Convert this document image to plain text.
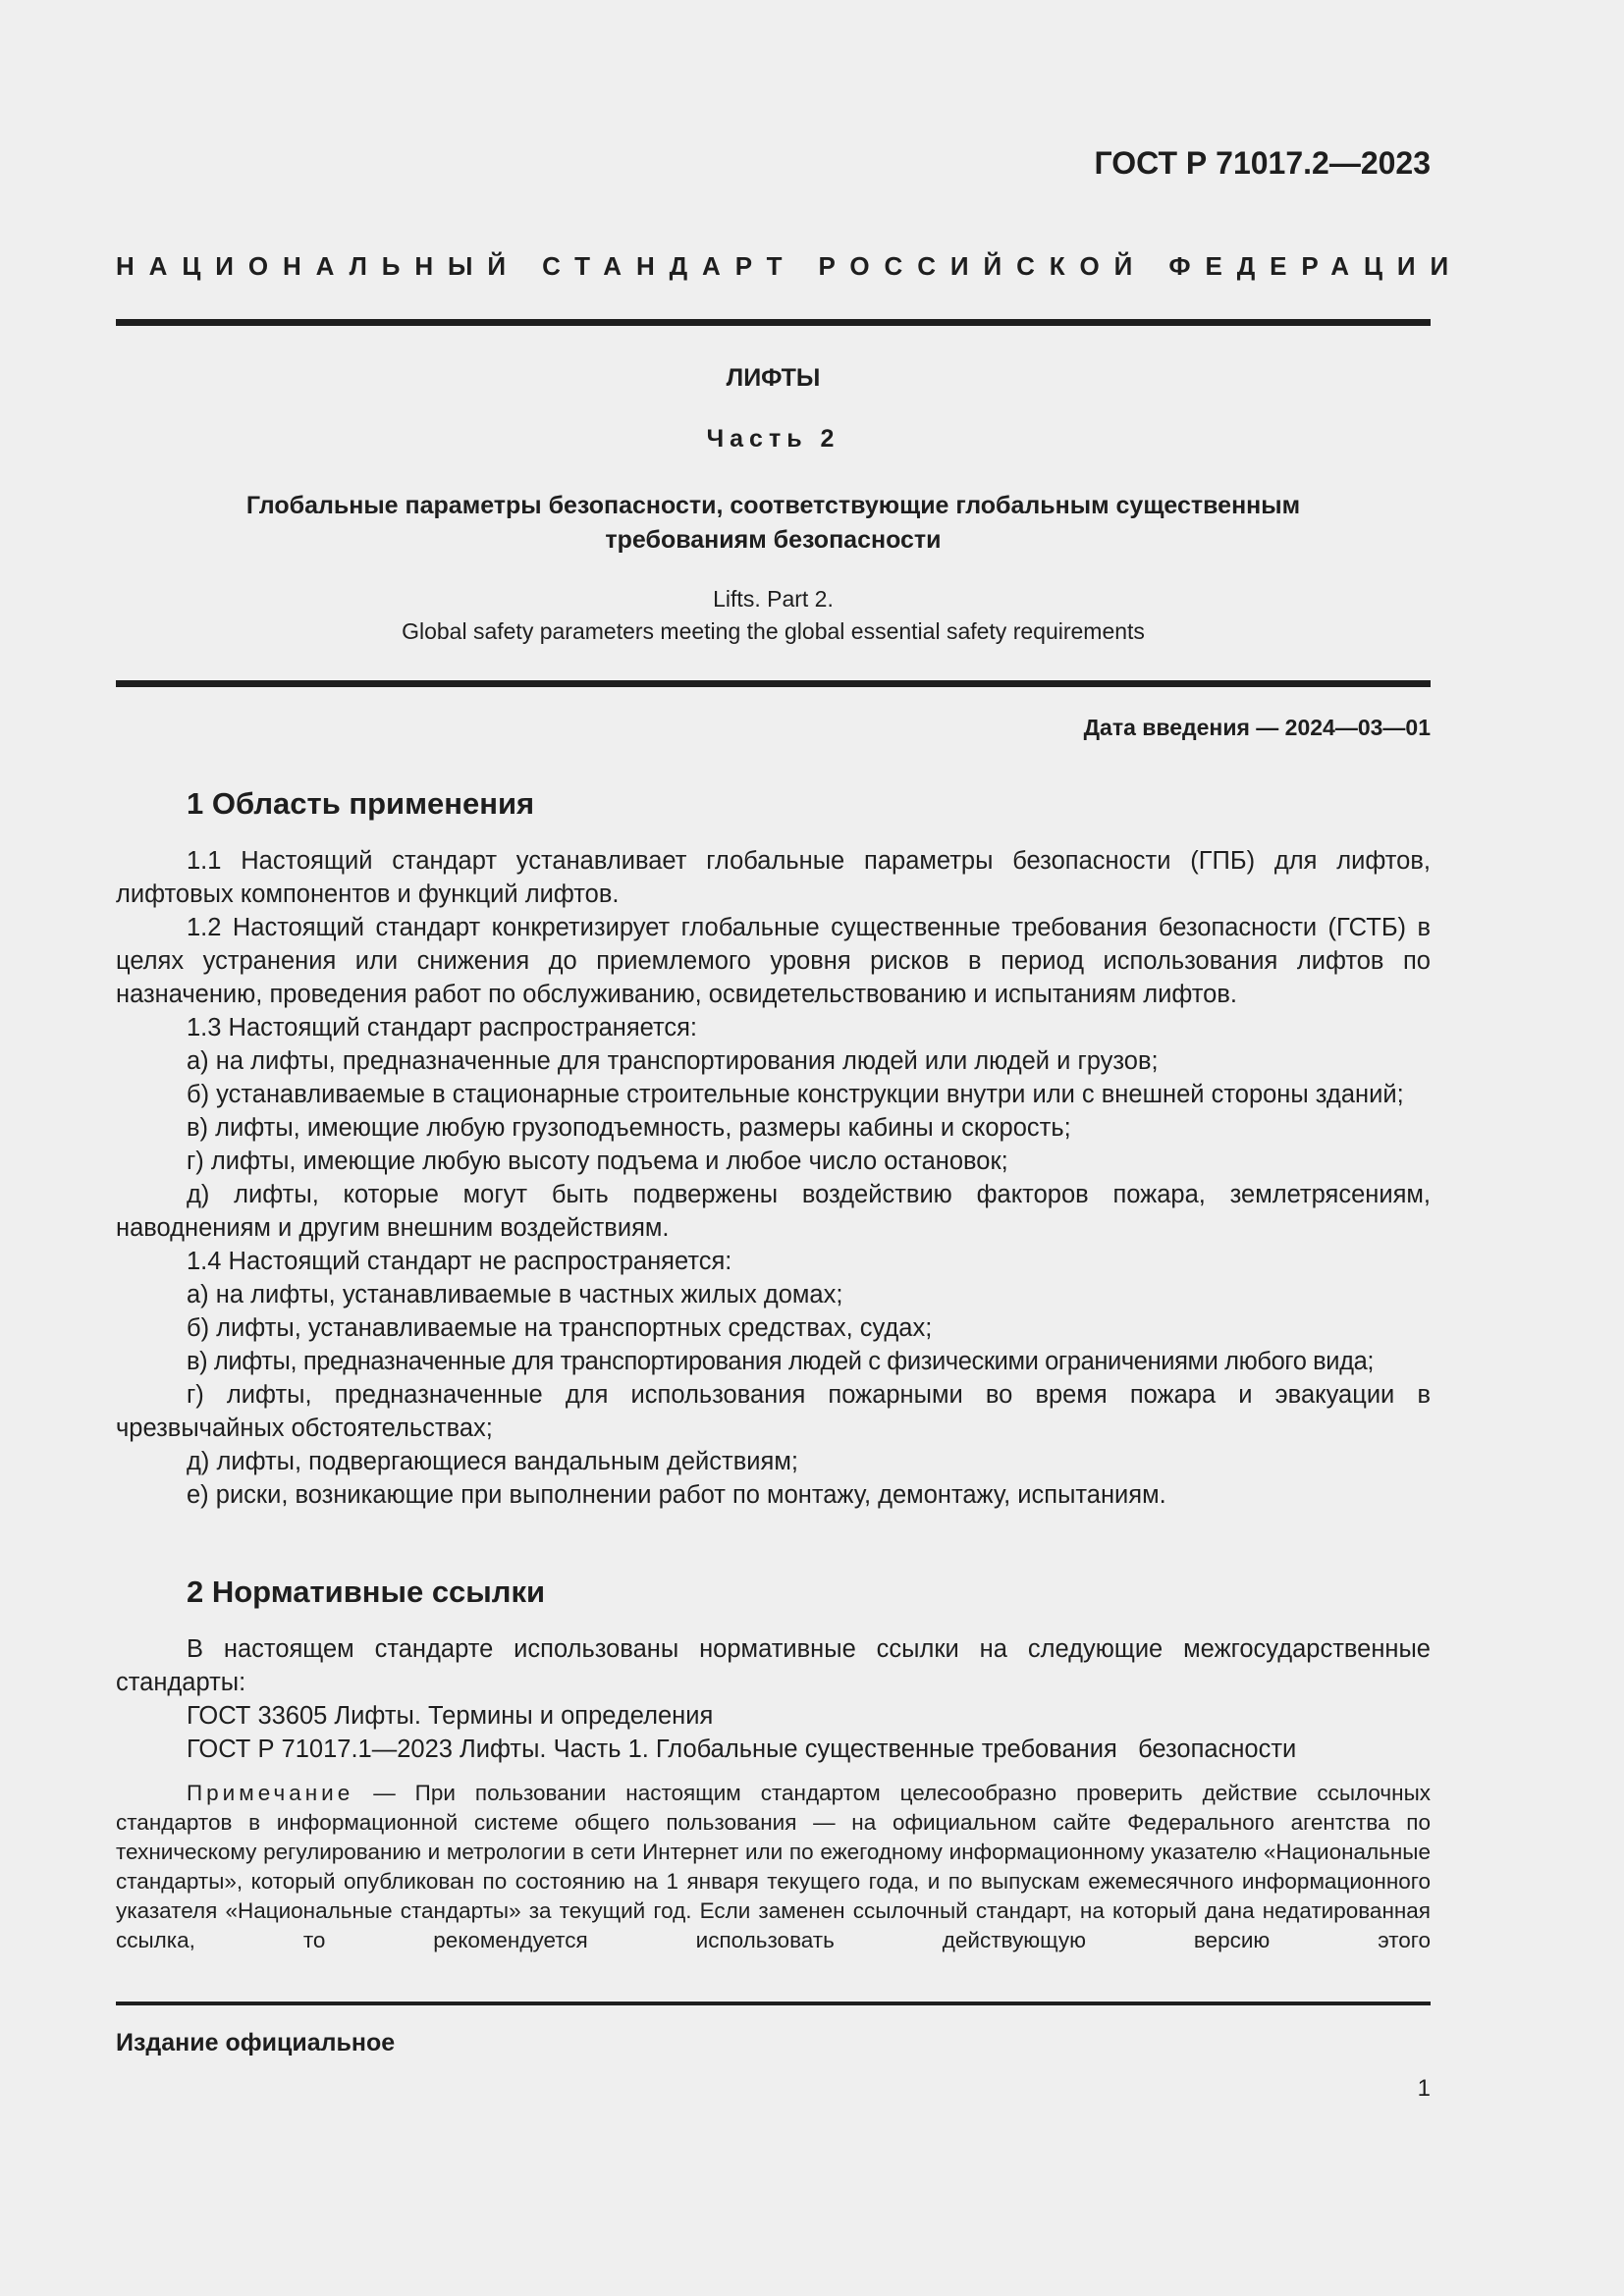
ГОСТ Р 71017.2—2023
НАЦИОНАЛЬНЫЙ СТАНДАРТ РОССИЙСКОЙ ФЕДЕРАЦИИ
ЛИФТЫ
Часть 2
Глобальные параметры безопасности, соответствующие глобальным существенным
требованиям безопасности
Lifts. Part 2.
Global safety parameters meeting the global essential safety requirements
Дата введения — 2024—03—01
1 Область применения

1.1 Настоящий стандарт устанавливает глобальные параметры безопасности (ГПБ) для лифтов, лифтовых компонентов и функций лифтов.

1.2 Настоящий стандарт конкретизирует глобальные существенные требования безопасности (ГСТБ) в целях устранения или снижения до приемлемого уровня рисков в период использования лифтов по назначению, проведения работ по обслуживанию, освидетельствованию и испытаниям лифтов.

1.3 Настоящий стандарт распространяется:

а) на лифты, предназначенные для транспортирования людей или людей и грузов;

б) устанавливаемые в стационарные строительные конструкции внутри или с внешней стороны зданий;

в) лифты, имеющие любую грузоподъемность, размеры кабины и скорость;

г) лифты, имеющие любую высоту подъема и любое число остановок;

д) лифты, которые могут быть подвержены воздействию факторов пожара, землетрясениям, наводнениям и другим внешним воздействиям.

1.4 Настоящий стандарт не распространяется:

а) на лифты, устанавливаемые в частных жилых домах;

б) лифты, устанавливаемые на транспортных средствах, судах;

в) лифты, предназначенные для транспортирования людей с физическими ограничениями любого вида;

г) лифты, предназначенные для использования пожарными во время пожара и эвакуации в чрезвычайных обстоятельствах;

д) лифты, подвергающиеся вандальным действиям;

е) риски, возникающие при выполнении работ по монтажу, демонтажу, испытаниям.

2 Нормативные ссылки

В настоящем стандарте использованы нормативные ссылки на следующие межгосударственные стандарты:

ГОСТ 33605 Лифты. Термины и определения

ГОСТ Р 71017.1—2023 Лифты. Часть 1. Глобальные существенные требования   безопасности

Примечание — При пользовании настоящим стандартом целесообразно проверить действие ссылочных стандартов в информационной системе общего пользования — на официальном сайте Федерального агентства по техническому регулированию и метрологии в сети Интернет или по ежегодному информационному указателю «Национальные стандарты», который опубликован по состоянию на 1 января текущего года, и по выпускам ежемесячного информационного указателя «Национальные стандарты» за текущий год. Если заменен ссылочный стандарт, на который дана недатированная ссылка, то рекомендуется использовать действующую версию этого

Издание официальное
1
